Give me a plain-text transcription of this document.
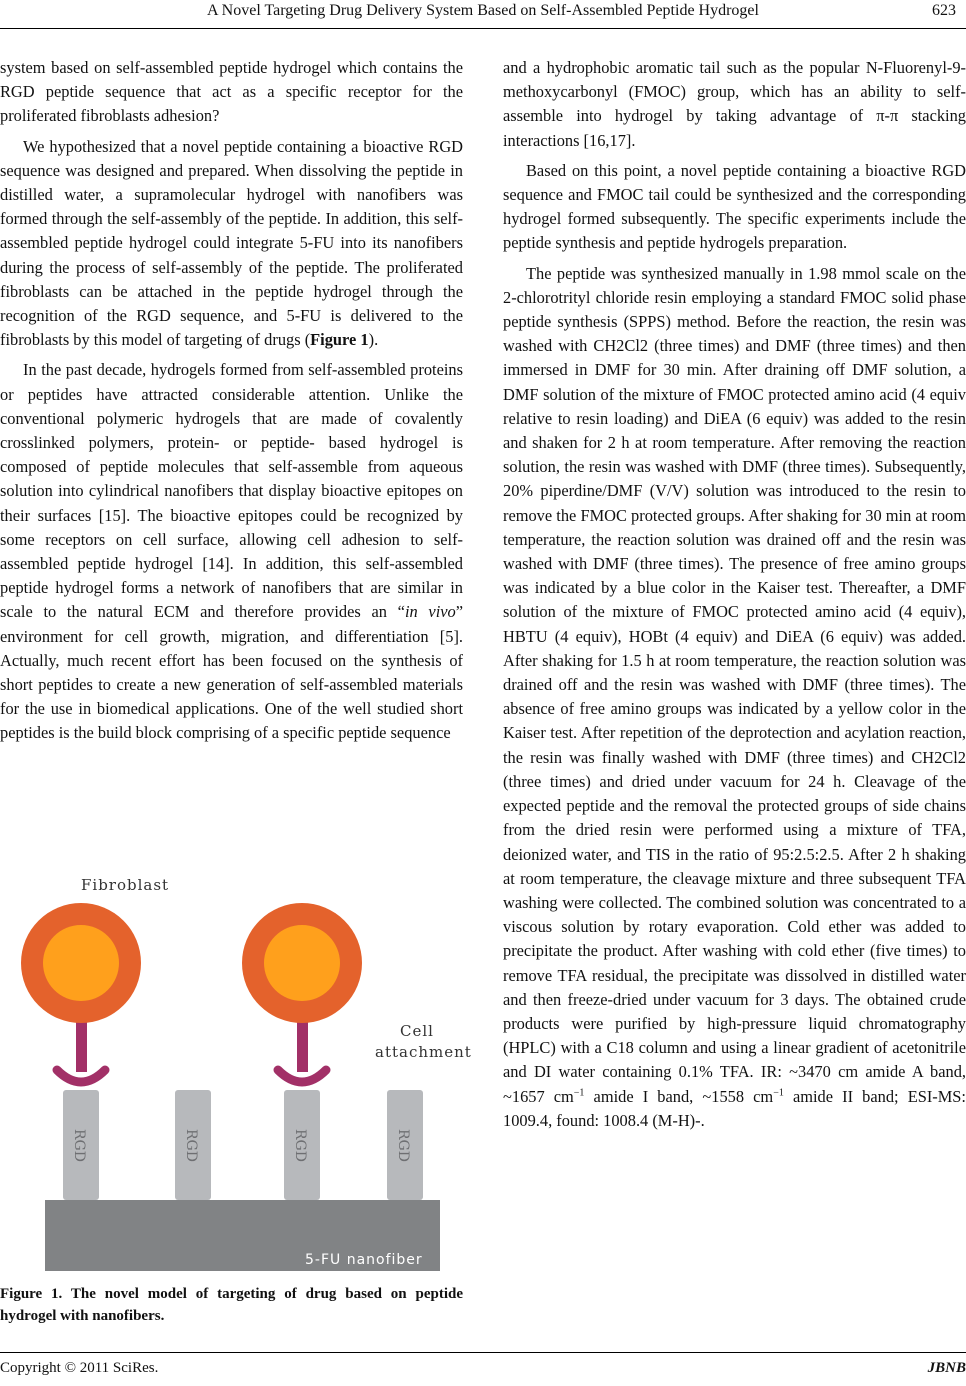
A Novel Targeting Drug Delivery System Based on Self-Assembled Peptide Hydrogel	623

system based on self-assembled peptide hydrogel which contains the RGD peptide sequence that act as a specific receptor for the proliferated fibroblasts adhesion?

We hypothesized that a novel peptide containing a bioactive RGD sequence was designed and prepared. When dissolving the peptide in distilled water, a supramolecular hydrogel with nanofibers was formed through the self-assembly of the peptide. In addition, this self-assembled peptide hydrogel could integrate 5-FU into its nanofibers during the process of self-assembly of the peptide. The proliferated fibroblasts can be attached in the peptide hydrogel through the recognition of the RGD sequence, and 5-FU is delivered to the fibroblasts by this model of targeting of drugs (Figure 1).

In the past decade, hydrogels formed from self-assembled proteins or peptides have attracted considerable attention. Unlike the conventional polymeric hydrogels that are made of covalently crosslinked polymers, protein- or peptide- based hydrogel is composed of peptide molecules that self-assemble from aqueous solution into cylindrical nanofibers that display bioactive epitopes on their surfaces [15]. The bioactive epitopes could be recognized by some receptors on cell surface, allowing cell adhesion to self-assembled peptide hydrogel [14]. In addition, this self-assembled peptide hydrogel forms a network of nanofibers that are similar in scale to the natural ECM and therefore provides an “in vivo” environment for cell growth, migration, and differentiation [5]. Actually, much recent effort has been focused on the synthesis of short peptides to create a new generation of self-assembled materials for the use in biomedical applications. One of the well studied short peptides is the build block comprising of a specific peptide sequence

5-FU nanofiber
RGD	RGD	RGD	RGD
Fibroblast
Cell
attachment
Figure 1. The novel model of targeting of drug based on peptide hydrogel with nanofibers.

and a hydrophobic aromatic tail such as the popular N-Fluorenyl-9-methoxycarbonyl (FMOC) group, which has an ability to self-assemble into hydrogel by taking advantage of π-π stacking interactions [16,17].

Based on this point, a novel peptide containing a bioactive RGD sequence and FMOC tail could be synthesized and the corresponding hydrogel formed subsequently. The specific experiments include the peptide synthesis and peptide hydrogels preparation.

The peptide was synthesized manually in 1.98 mmol scale on the 2-chlorotrityl chloride resin employing a standard FMOC solid phase peptide synthesis (SPPS) method. Before the reaction, the resin was washed with CH2Cl2 (three times) and DMF (three times) and then immersed in DMF for 30 min. After draining off DMF solution, a DMF solution of the mixture of FMOC protected amino acid (4 equiv relative to resin loading) and DiEA (6 equiv) was added to the resin and shaken for 2 h at room temperature. After removing the reaction solution, the resin was washed with DMF (three times). Subsequently, 20% piperdine/DMF (V/V) solution was introduced to the resin to remove the FMOC protected groups. After shaking for 30 min at room temperature, the reaction solution was drained off and the resin was washed with DMF (three times). The presence of free amino groups was indicated by a blue color in the Kaiser test. Thereafter, a DMF solution of the mixture of FMOC protected amino acid (4 equiv), HBTU (4 equiv), HOBt (4 equiv) and DiEA (6 equiv) was added. After shaking for 1.5 h at room temperature, the reaction solution was drained off and the resin was washed with DMF (three times). The absence of free amino groups was indicated by a yellow color in the Kaiser test. After repetition of the deprotection and acylation reaction, the resin was finally washed with DMF (three times) and CH2Cl2 (three times) and dried under vacuum for 24 h. Cleavage of the expected peptide and the removal the protected groups of side chains from the dried resin were performed using a mixture of TFA, deionized water, and TIS in the ratio of 95:2.5:2.5. After 2 h shaking at room temperature, the cleavage mixture and three subsequent TFA washing were collected. The combined solution was concentrated to a viscous solution by rotary evaporation. Cold ether was added to precipitate the product. After washing with cold ether (five times) to remove TFA residual, the precipitate was dissolved in distilled water and then freeze-dried under vacuum for 3 days. The obtained crude products were purified by high-pressure liquid chromatography (HPLC) with a C18 column and using a linear gradient of acetonitrile and DI water containing 0.1% TFA. IR: ~3470 cm amide A band, ~1657 $cm^{-1}$ amide I band, ~1558 $cm^{-1}$ amide II band; ESI-MS: 1009.4, found: 1008.4 (M-H)-.

Copyright © 2011 SciRes.	JBNB
